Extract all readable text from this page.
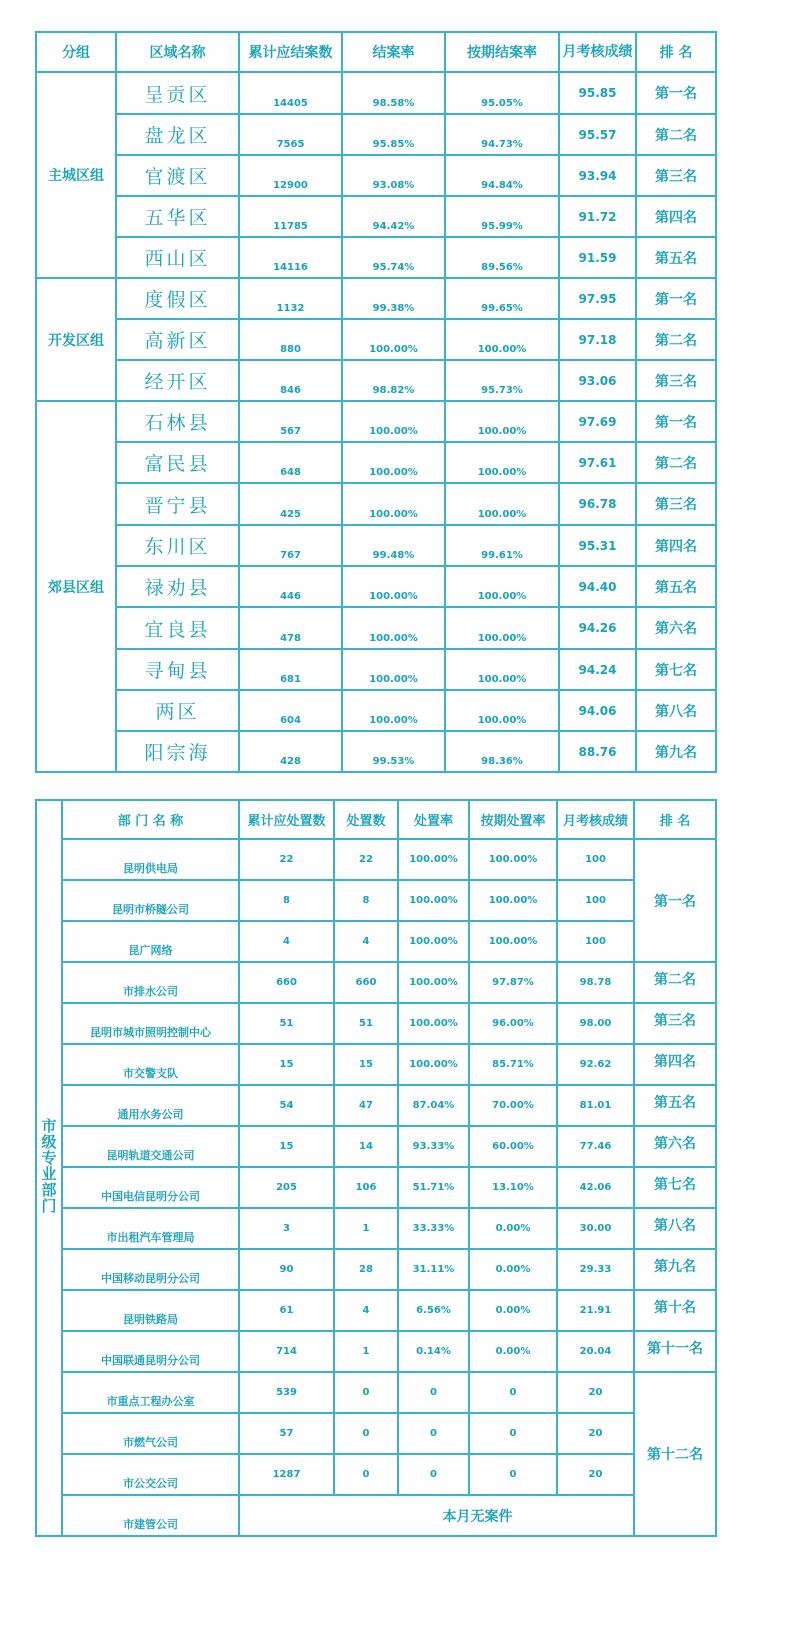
分组	区域名称	累计应结案数	结案率	按期结案率	月考核成绩	排 名
主城区组	呈贡区	14405	98.58%	95.05%	95.85	第一名
	盘龙区	7565	95.85%	94.73%	95.57	第二名
	官渡区	12900	93.08%	94.84%	93.94	第三名
	五华区	11785	94.42%	95.99%	91.72	第四名
	西山区	14116	95.74%	89.56%	91.59	第五名
开发区组	度假区	1132	99.38%	99.65%	97.95	第一名
	高新区	880	100.00%	100.00%	97.18	第二名
	经开区	846	98.82%	95.73%	93.06	第三名
郊县区组	石林县	567	100.00%	100.00%	97.69	第一名
	富民县	648	100.00%	100.00%	97.61	第二名
	晋宁县	425	100.00%	100.00%	96.78	第三名
	东川区	767	99.48%	99.61%	95.31	第四名
	禄劝县	446	100.00%	100.00%	94.40	第五名
	宜良县	478	100.00%	100.00%	94.26	第六名
	寻甸县	681	100.00%	100.00%	94.24	第七名
	两区	604	100.00%	100.00%	94.06	第八名
	阳宗海	428	99.53%	98.36%	88.76	第九名
市级专业部门	部 门 名 称	累计应处置数	处置数	处置率	按期处置率	月考核成绩	排 名
	昆明供电局	22	22	100.00%	100.00%	100	第一名
	昆明市桥隧公司	8	8	100.00%	100.00%	100	
	昆广网络	4	4	100.00%	100.00%	100	
	市排水公司	660	660	100.00%	97.87%	98.78	第二名
	昆明市城市照明控制中心	51	51	100.00%	96.00%	98.00	第三名
	市交警支队	15	15	100.00%	85.71%	92.62	第四名
	通用水务公司	54	47	87.04%	70.00%	81.01	第五名
	昆明轨道交通公司	15	14	93.33%	60.00%	77.46	第六名
	中国电信昆明分公司	205	106	51.71%	13.10%	42.06	第七名
	市出租汽车管理局	3	1	33.33%	0.00%	30.00	第八名
	中国移动昆明分公司	90	28	31.11%	0.00%	29.33	第九名
	昆明铁路局	61	4	6.56%	0.00%	21.91	第十名
	中国联通昆明分公司	714	1	0.14%	0.00%	20.04	第十一名
	市重点工程办公室	539	0	0	0	20	第十二名
	市燃气公司	57	0	0	0	20	
	市公交公司	1287	0	0	0	20	
	市建管公司	本月无案件					
